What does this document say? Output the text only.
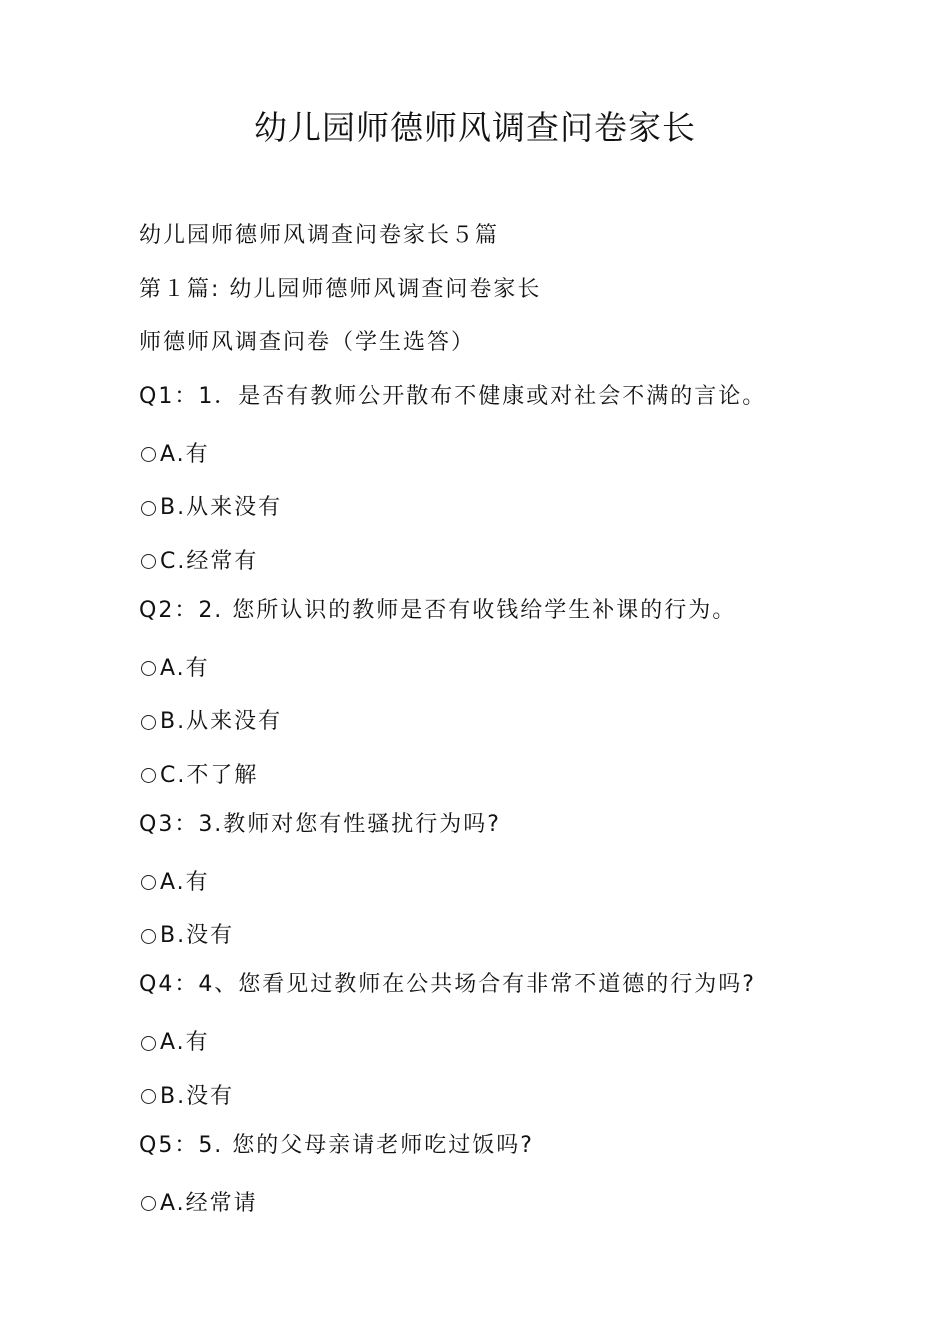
幼儿园师德师风调查问卷家长
幼儿园师德师风调查问卷家长５篇
第１篇: 幼儿园师德师风调查问卷家长
师德师风调查问卷（学生选答）
Q1：1．是否有教师公开散布不健康或对社会不满的言论。
A.有
B.从来没有
C.经常有
Q2：2. 您所认识的教师是否有收钱给学生补课的行为。
A.有
B.从来没有
C.不了解
Q3：3.教师对您有性骚扰行为吗?
A.有
B.没有
Q4：4、您看见过教师在公共场合有非常不道德的行为吗?
A.有
B.没有
Q5：5. 您的父母亲请老师吃过饭吗?
A.经常请
